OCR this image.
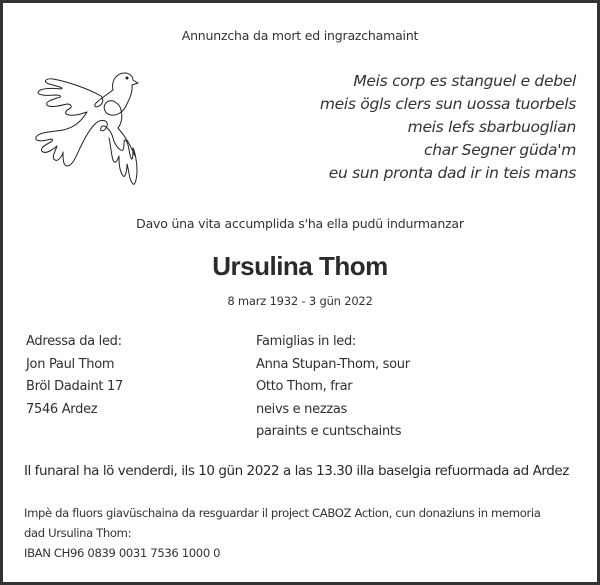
Annunzcha da mort ed ingrazchamaint
Meis corp es stanguel e debel
meis ögls clers sun uossa tuorbels
meis lefs sbarbuoglian
char Segner güda'm
eu sun pronta dad ir in teis mans
Davo üna vita accumplida s'ha ella pudü indurmanzar
Ursulina Thom
8 marz 1932 - 3 gün 2022
Adressa da led:
Jon Paul Thom
Bröl Dadaint 17
7546 Ardez
Famiglias in led:
Anna Stupan-Thom, sour
Otto Thom, frar
neivs e nezzas
paraints e cuntschaints
Il funaral ha lö venderdi, ils 10 gün 2022 a las 13.30 illa baselgia refuormada ad Ardez
Impè da fluors giavüschaina da resguardar il project CABOZ Action, cun donaziuns in memoria
dad Ursulina Thom:
IBAN CH96 0839 0031 7536 1000 0
